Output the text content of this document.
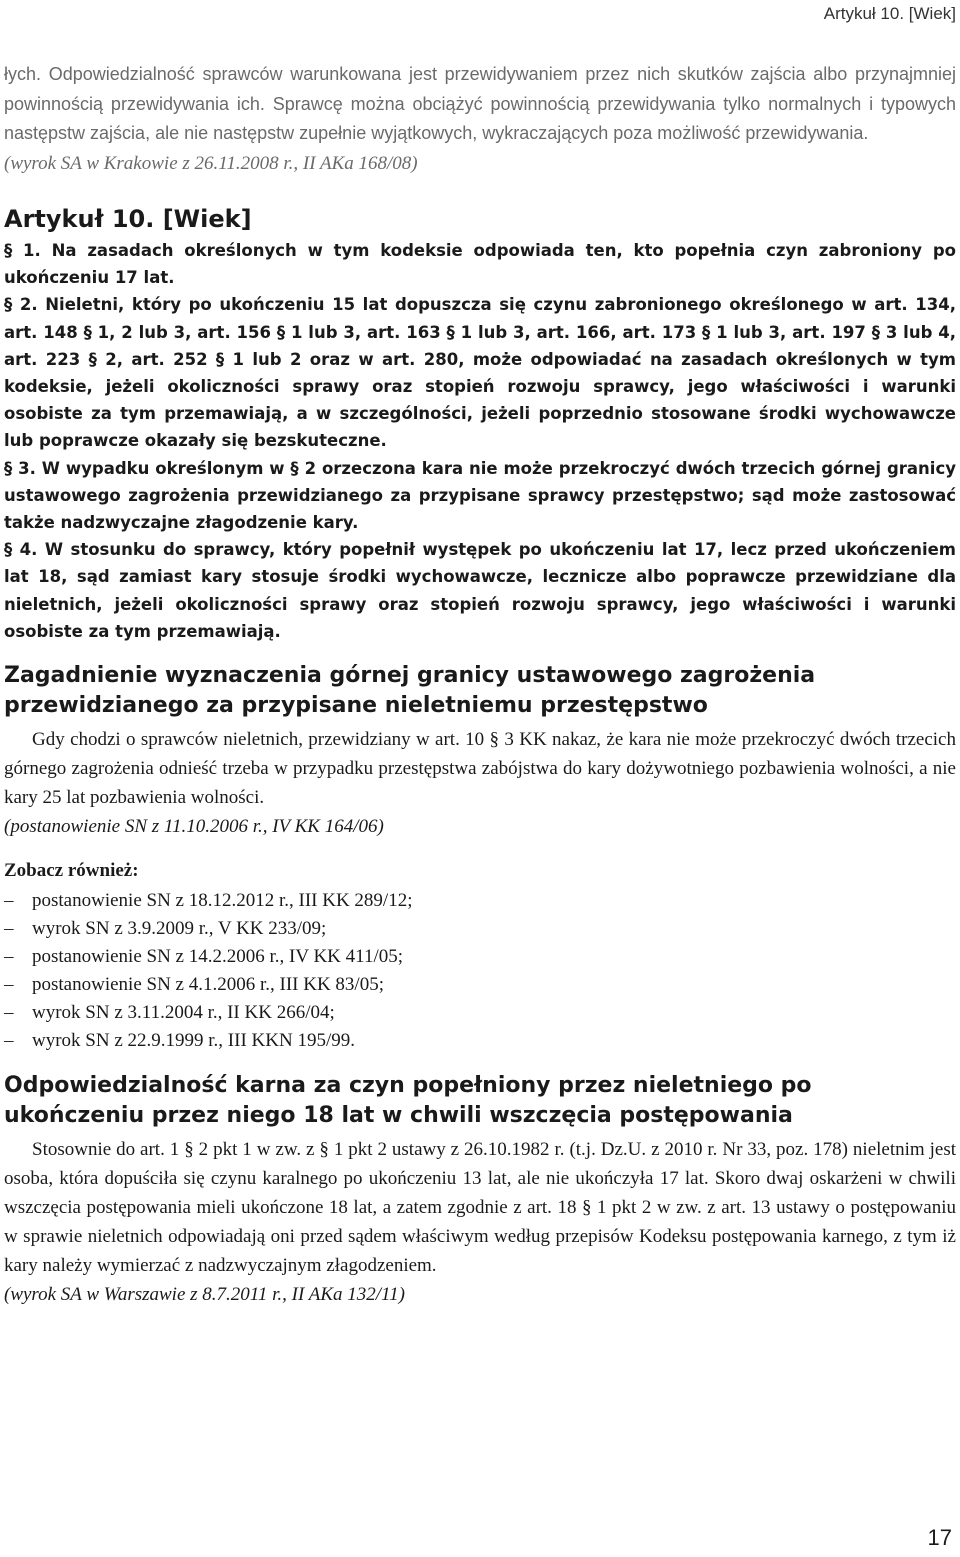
Artykuł 10. [Wiek]

łych. Odpowiedzialność sprawców warunkowana jest przewidywaniem przez nich skutków zajścia albo przynajmniej powinnością przewidywania ich. Sprawcę można obciążyć powinnością przewidywania tylko normalnych i typowych następstw zajścia, ale nie następstw zupełnie wyjątkowych, wykraczających poza możliwość przewidywania.

(wyrok SA w Krakowie z 26.11.2008 r., II AKa 168/08)

Artykuł 10. [Wiek]

§ 1. Na zasadach określonych w tym kodeksie odpowiada ten, kto popełnia czyn zabroniony po ukończeniu 17 lat.

§ 2. Nieletni, który po ukończeniu 15 lat dopuszcza się czynu zabronionego określonego w art. 134, art. 148 § 1, 2 lub 3, art. 156 § 1 lub 3, art. 163 § 1 lub 3, art. 166, art. 173 § 1 lub 3, art. 197 § 3 lub 4, art. 223 § 2, art. 252 § 1 lub 2 oraz w art. 280, może odpowiadać na zasadach określonych w tym kodeksie, jeżeli okoliczności sprawy oraz stopień rozwoju sprawcy, jego właściwości i warunki osobiste za tym przemawiają, a w szczególności, jeżeli poprzednio stosowane środki wychowawcze lub poprawcze okazały się bezskuteczne.

§ 3. W wypadku określonym w § 2 orzeczona kara nie może przekroczyć dwóch trzecich górnej granicy ustawowego zagrożenia przewidzianego za przypisane sprawcy przestępstwo; sąd może zastosować także nadzwyczajne złagodzenie kary.

§ 4. W stosunku do sprawcy, który popełnił występek po ukończeniu lat 17, lecz przed ukończeniem lat 18, sąd zamiast kary stosuje środki wychowawcze, lecznicze albo poprawcze przewidziane dla nieletnich, jeżeli okoliczności sprawy oraz stopień rozwoju sprawcy, jego właściwości i warunki osobiste za tym przemawiają.

Zagadnienie wyznaczenia górnej granicy ustawowego zagrożenia przewidzianego za przypisane nieletniemu przestępstwo

Gdy chodzi o sprawców nieletnich, przewidziany w art. 10 § 3 KK nakaz, że kara nie może przekroczyć dwóch trzecich górnego zagrożenia odnieść trzeba w przypadku przestępstwa zabójstwa do kary dożywotniego pozbawienia wolności, a nie kary 25 lat pozbawienia wolności.

(postanowienie SN z 11.10.2006 r., IV KK 164/06)

Zobacz również:
– postanowienie SN z 18.12.2012 r., III KK 289/12;
– wyrok SN z 3.9.2009 r., V KK 233/09;
– postanowienie SN z 14.2.2006 r., IV KK 411/05;
– postanowienie SN z 4.1.2006 r., III KK 83/05;
– wyrok SN z 3.11.2004 r., II KK 266/04;
– wyrok SN z 22.9.1999 r., III KKN 195/99.
Odpowiedzialność karna za czyn popełniony przez nieletniego po ukończeniu przez niego 18 lat w chwili wszczęcia postępowania

Stosownie do art. 1 § 2 pkt 1 w zw. z § 1 pkt 2 ustawy z 26.10.1982 r. (t.j. Dz.U. z 2010 r. Nr 33, poz. 178) nieletnim jest osoba, która dopuściła się czynu karalnego po ukończeniu 13 lat, ale nie ukończyła 17 lat. Skoro dwaj oskarżeni w chwili wszczęcia postępowania mieli ukończone 18 lat, a zatem zgodnie z art. 18 § 1 pkt 2 w zw. z art. 13 ustawy o postępowaniu w sprawie nieletnich odpowiadają oni przed sądem właściwym według przepisów Kodeksu postępowania karnego, z tym iż kary należy wymierzać z nadzwyczajnym złagodzeniem.

(wyrok SA w Warszawie z 8.7.2011 r., II AKa 132/11)

17
